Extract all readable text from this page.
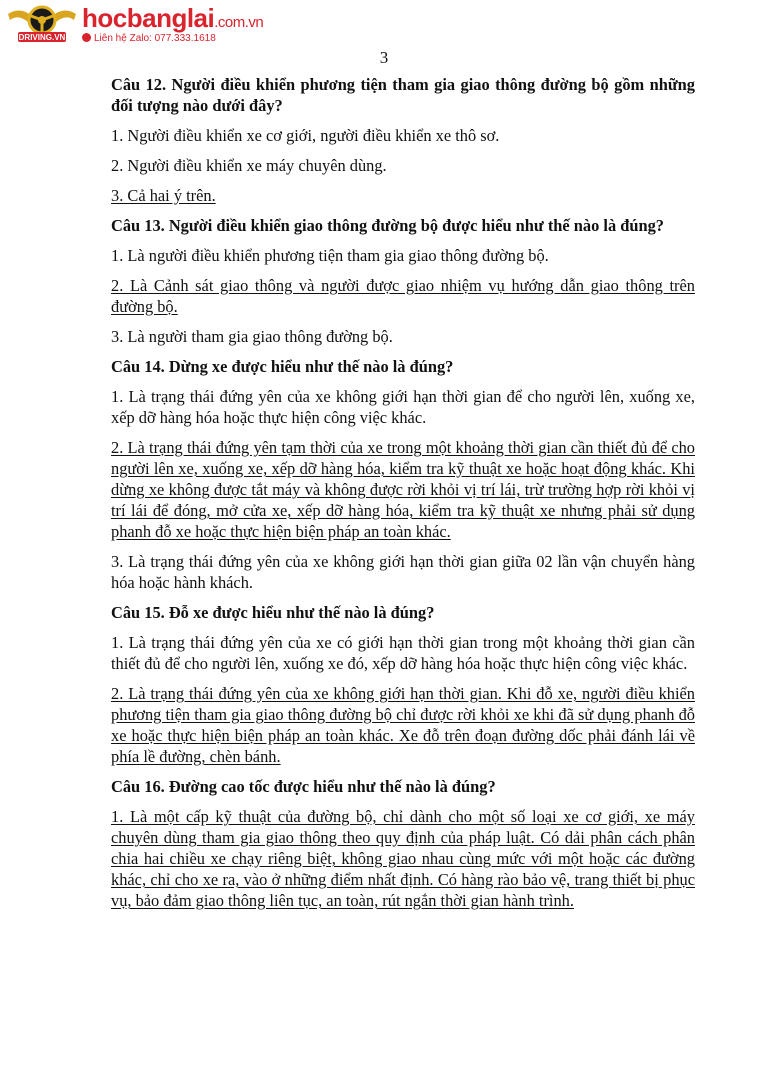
DRIVING.VN
hocbanglai.com.vn
Liên hệ Zalo: 077.333.1618
3

Câu 12. Người điều khiển phương tiện tham gia giao thông đường bộ gồm những đối tượng nào dưới đây?

1. Người điều khiển xe cơ giới, người điều khiển xe thô sơ.

2. Người điều khiển xe máy chuyên dùng.

3. Cả hai ý trên.

Câu 13. Người điều khiển giao thông đường bộ được hiểu như thế nào là đúng?

1. Là người điều khiển phương tiện tham gia giao thông đường bộ.

2. Là Cảnh sát giao thông và người được giao nhiệm vụ hướng dẫn giao thông trên đường bộ.

3. Là người tham gia giao thông đường bộ.

Câu 14. Dừng xe được hiểu như thế nào là đúng?

1. Là trạng thái đứng yên của xe không giới hạn thời gian để cho người lên, xuống xe, xếp dỡ hàng hóa hoặc thực hiện công việc khác.

2. Là trạng thái đứng yên tạm thời của xe trong một khoảng thời gian cần thiết đủ để cho người lên xe, xuống xe, xếp dỡ hàng hóa, kiểm tra kỹ thuật xe hoặc hoạt động khác. Khi dừng xe không được tắt máy và không được rời khỏi vị trí lái, trừ trường hợp rời khỏi vị trí lái để đóng, mở cửa xe, xếp dỡ hàng hóa, kiểm tra kỹ thuật xe nhưng phải sử dụng phanh đỗ xe hoặc thực hiện biện pháp an toàn khác.

3. Là trạng thái đứng yên của xe không giới hạn thời gian giữa 02 lần vận chuyển hàng hóa hoặc hành khách.

Câu 15. Đỗ xe được hiểu như thế nào là đúng?

1. Là trạng thái đứng yên của xe có giới hạn thời gian trong một khoảng thời gian cần thiết đủ để cho người lên, xuống xe đó, xếp dỡ hàng hóa hoặc thực hiện công việc khác.

2. Là trạng thái đứng yên của xe không giới hạn thời gian. Khi đỗ xe, người điều khiển phương tiện tham gia giao thông đường bộ chỉ được rời khỏi xe khi đã sử dụng phanh đỗ xe hoặc thực hiện biện pháp an toàn khác. Xe đỗ trên đoạn đường dốc phải đánh lái về phía lề đường, chèn bánh.

Câu 16. Đường cao tốc được hiểu như thế nào là đúng?

1. Là một cấp kỹ thuật của đường bộ, chỉ dành cho một số loại xe cơ giới, xe máy chuyên dùng tham gia giao thông theo quy định của pháp luật. Có dải phân cách phân chia hai chiều xe chạy riêng biệt, không giao nhau cùng mức với một hoặc các đường khác, chỉ cho xe ra, vào ở những điểm nhất định. Có hàng rào bảo vệ, trang thiết bị phục vụ, bảo đảm giao thông liên tục, an toàn, rút ngắn thời gian hành trình.
